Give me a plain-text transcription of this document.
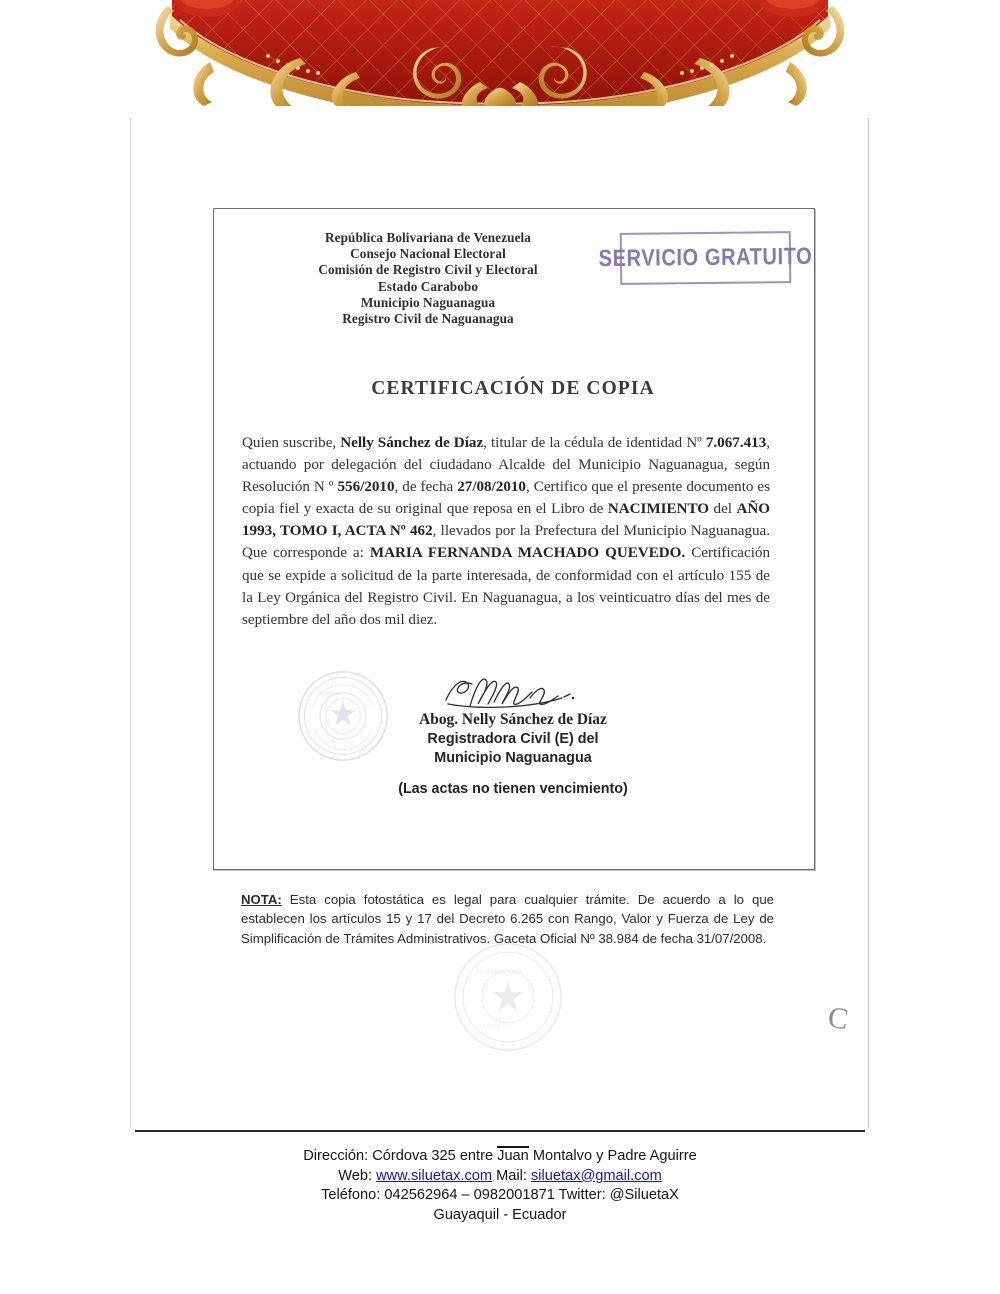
República Bolivariana de Venezuela
Consejo Nacional Electoral
Comisión de Registro Civil y Electoral
Estado Carabobo
Municipio Naguanagua
Registro Civil de Naguanagua
SERVICIO GRATUITO
CERTIFICACIÓN DE COPIA
Quien suscribe, Nelly Sánchez de Díaz, titular de la cédula de identidad Nº 7.067.413, actuando por delegación del ciudadano Alcalde del Municipio Naguanagua, según Resolución N º 556/2010, de fecha 27/08/2010, Certifico que el presente documento es copia fiel y exacta de su original que reposa en el Libro de NACIMIENTO del AÑO 1993, TOMO I, ACTA Nº 462, llevados por la Prefectura del Municipio Naguanagua. Que corresponde a: MARIA FERNANDA MACHADO QUEVEDO. Certificación que se expide a solicitud de la parte interesada, de conformidad con el artículo 155 de la Ley Orgánica del Registro Civil. En Naguanagua, a los veinticuatro días del mes de septiembre del año dos mil diez.
REGISTRO
CIVIL
Abog. Nelly Sánchez de Díaz
Registradora Civil (E) del
Municipio Naguanagua
(Las actas no tienen vencimiento)
NOTA: Esta copia fotostática es legal para cualquier trámite. De acuerdo a lo que establecen los artículos 15 y 17 del Decreto 6.265 con Rango, Valor y Fuerza de Ley de Simplificación de Trámites Administrativos. Gaceta Oficial Nº 38.984 de fecha 31/07/2008.
REGISTRADORA
CONSEJO	C
Dirección: Córdova 325 entre Juan Montalvo y Padre Aguirre
Web: www.siluetax.com Mail: siluetax@gmail.com
Teléfono: 042562964 – 0982001871 Twitter: @SiluetaX
Guayaquil - Ecuador
